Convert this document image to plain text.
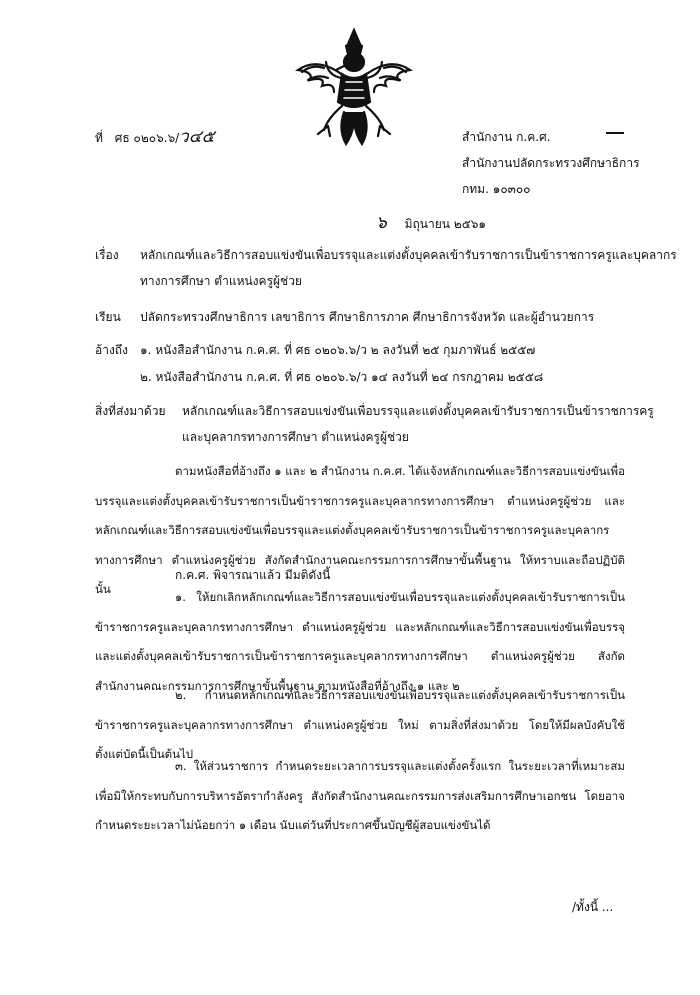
ที่ ศธ ๐๒๐๖.๖/ว๔๕	สำนักงาน ก.ค.ศ.
สำนักงานปลัดกระทรวงศึกษาธิการ
กทม. ๑๐๓๐๐
๖ มิถุนายน ๒๕๖๑
เรื่อง หลักเกณฑ์และวิธีการสอบแข่งขันเพื่อบรรจุและแต่งตั้งบุคคลเข้ารับราชการเป็นข้าราชการครูและบุคลากร
ทางการศึกษา ตำแหน่งครูผู้ช่วย
เรียน ปลัดกระทรวงศึกษาธิการ เลขาธิการ ศึกษาธิการภาค ศึกษาธิการจังหวัด และผู้อำนวยการ
อ้างถึง ๑. หนังสือสำนักงาน ก.ค.ศ. ที่ ศธ ๐๒๐๖.๖/ว ๒ ลงวันที่ ๒๕ กุมภาพันธ์ ๒๕๕๗
๒. หนังสือสำนักงาน ก.ค.ศ. ที่ ศธ ๐๒๐๖.๖/ว ๑๔ ลงวันที่ ๒๔ กรกฎาคม ๒๕๕๘
สิ่งที่ส่งมาด้วย หลักเกณฑ์และวิธีการสอบแข่งขันเพื่อบรรจุและแต่งตั้งบุคคลเข้ารับราชการเป็นข้าราชการครู
และบุคลากรทางการศึกษา ตำแหน่งครูผู้ช่วย
ตามหนังสือที่อ้างถึง ๑ และ ๒ สำนักงาน ก.ค.ศ. ได้แจ้งหลักเกณฑ์และวิธีการสอบแข่งขันเพื่อบรรจุและแต่งตั้งบุคคลเข้ารับราชการเป็นข้าราชการครูและบุคลากรทางการศึกษา ตำแหน่งครูผู้ช่วย และหลักเกณฑ์และวิธีการสอบแข่งขันเพื่อบรรจุและแต่งตั้งบุคคลเข้ารับราชการเป็นข้าราชการครูและบุคลากรทางการศึกษา ตำแหน่งครูผู้ช่วย สังกัดสำนักงานคณะกรรมการการศึกษาขั้นพื้นฐาน ให้ทราบและถือปฏิบัติ นั้น
ก.ค.ศ. พิจารณาแล้ว มีมติดังนี้
๑. ให้ยกเลิกหลักเกณฑ์และวิธีการสอบแข่งขันเพื่อบรรจุและแต่งตั้งบุคคลเข้ารับราชการเป็นข้าราชการครูและบุคลากรทางการศึกษา ตำแหน่งครูผู้ช่วย และหลักเกณฑ์และวิธีการสอบแข่งขันเพื่อบรรจุและแต่งตั้งบุคคลเข้ารับราชการเป็นข้าราชการครูและบุคลากรทางการศึกษา ตำแหน่งครูผู้ช่วย สังกัดสำนักงานคณะกรรมการการศึกษาขั้นพื้นฐาน ตามหนังสือที่อ้างถึง ๑ และ ๒
๒. กำหนดหลักเกณฑ์และวิธีการสอบแข่งขันเพื่อบรรจุและแต่งตั้งบุคคลเข้ารับราชการเป็นข้าราชการครูและบุคลากรทางการศึกษา ตำแหน่งครูผู้ช่วย ใหม่ ตามสิ่งที่ส่งมาด้วย โดยให้มีผลบังคับใช้ตั้งแต่บัดนี้เป็นต้นไป
๓. ให้ส่วนราชการ กำหนดระยะเวลาการบรรจุและแต่งตั้งครั้งแรก ในระยะเวลาที่เหมาะสมเพื่อมิให้กระทบกับการบริหารอัตรากำลังครู สังกัดสำนักงานคณะกรรมการส่งเสริมการศึกษาเอกชน โดยอาจกำหนดระยะเวลาไม่น้อยกว่า ๑ เดือน นับแต่วันที่ประกาศขึ้นบัญชีผู้สอบแข่งขันได้
/ทั้งนี้ ...
